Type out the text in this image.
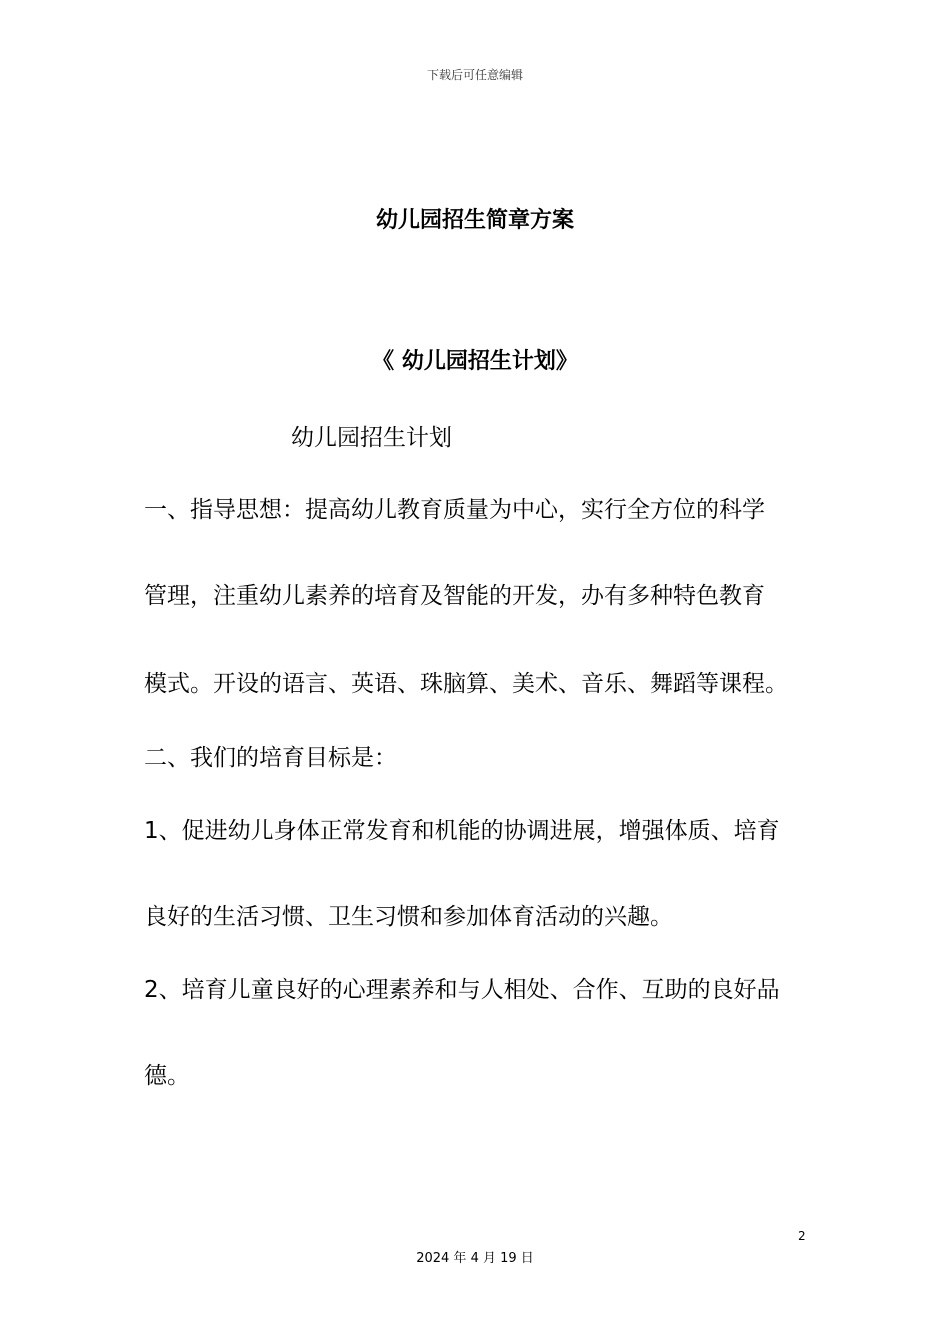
下载后可任意编辑
幼儿园招生简章方案
《 幼儿园招生计划》
幼儿园招生计划
一、指导思想：提高幼儿教育质量为中心，实行全方位的科学
管理，注重幼儿素养的培育及智能的开发，办有多种特色教育
模式。开设的语言、英语、珠脑算、美术、音乐、舞蹈等课程。
二、我们的培育目标是：
1、促进幼儿身体正常发育和机能的协调进展，增强体质、培育
良好的生活习惯、卫生习惯和参加体育活动的兴趣。
2、培育儿童良好的心理素养和与人相处、合作、互助的良好品
德。
2
2024 年 4 月 19 日
